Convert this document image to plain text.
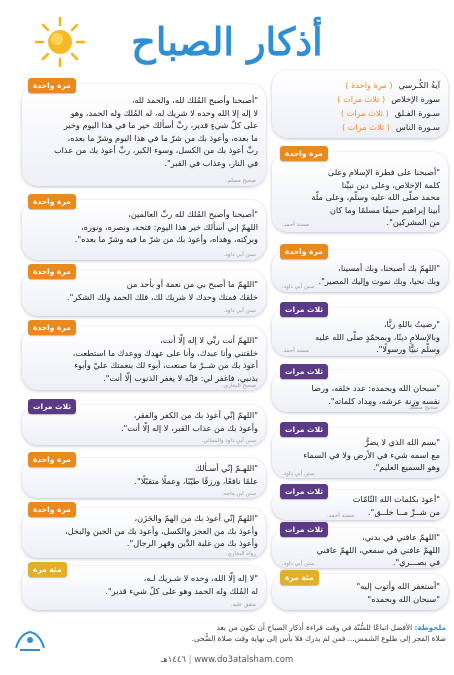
أذكار الصباح
آيةُ الكُـرسي
( مرة واحدة )
سورة الإخلاص
( ثلاث مرات )
سـورة الفـلق
( ثلاث مرات )
سـورة الناس
( ثلاث مرات )
مرة واحدة
"أصبحنا على فطرة الإسلام وعلى
كلمة الإخلاص، وعلى دين نبيِّنا
محمد صلّى الله عليه وسلّم، وعلى ملّة
أبينا إبراهيم حنيفًا مسلمًا وما كان
من المشركين".
مسند أحمد.
مرة واحدة
"اللهمّ بك أصبحنا، وبك أمسينا،
وبك نحيا، وبك نموت وإليك المصير".
سنن أبي داود.
ثلاث مرات
"رضيتُ باللهِ ربًّا،
وبالإسلامِ دينًا، وبمحمّدٍ صلّى الله عليه
وسلّم نبيًّا ورسولًا".
مسند أحمد.
ثلاث مرات
"سبحان الله وبحمده: عدد خلقه، ورضا
نفسه وزِنة عرشه، ومِداد كلماته".
صحيح مسلم.
ثلاث مرات
"بسم الله الذي لا يضرُّ
مع اسمه شيء في الأرض ولا في السماء
وهو السميع العليم".
سنن أبي داود.
ثلاث مرات
"أعوذ بكلمات الله التّامّات
من شــرِّ مــا خلــق".
مسند أحمد.
ثلاث مرات
"اللهمّ عافني في بدني،
اللهمّ عافني في سمعي، اللهمّ عافني
في بصـــري".
سنن أبي داود.
مئة مرة
"أستغفر الله وأتوب إليه"
"سبحان الله وبحمده"
مرة واحدة
"أصبحنا وأصبح المُلك لله، والحمد لله،
لا إله إلا الله وحده لا شريك له، له المُلك وله الحمد، وهو
على كلّ شيءٍ قدير، ربِّ أسألك خير ما في هذا اليوم وخير
ما بعده، وأعوذ بك من شرّ ما في هذا اليوم وشرّ ما بعده،
ربِّ أعوذ بك من الكسل، وسوء الكبر، ربِّ أعوذ بك من عذاب
في النار، وعذاب في القبر".
صحيح مسلم.
مرة واحدة
"أصبحنا وأصبح المُلك لله ربِّ العالمين،
اللهمّ إني أسألك خير هذا اليوم: فتحه، ونصره، ونوره،
وبركته، وهداه، وأعوذ بك من شرّ ما فيه وشرّ ما بعده".
سنن أبي داود.
مرة واحدة
"اللهمّ ما أصبح بي من نعمة أو بأحد من
خلقك فمنك وحدك لا شريك لك، فلك الحمد ولك الشكر".
سنن أبي داود.
مرة واحدة
"اللهمّ أنت ربِّي لا إله إلّا أنت،
خلقتني وأنا عبدك، وأنا على عهدك ووعدك ما استطعت،
أعوذ بك من شــرّ ما صنعت، أبوء لك بنعمتك عليّ وأبوء
بذنبي، فاغفر لي: فإنّه لا يغفر الذنوب إلّا أنت".
صحيح البخاري.
ثلاث مرات
"اللهمّ إنّي أعوذ بك من الكفر والفقر،
وأعوذ بك من عذاب القبر، لا إله إلّا أنت".
سنن أبي داود والنسائي.
مرة واحدة
"اللهـمّ إنّي أسـألك
علمًا نافعًا، ورزقًا طيّبًا، وعملًا متقبّلًا".
سنن ابن ماجه.
مرة واحدة
"اللهمّ إنّي أعوذ بك من الهمّ والحَزَن،
وأعوذ بك من العجز والكسل، وأعوذ بك من الجبن والبخل،
وأعوذ بك من غلبة الدَّين وقهر الرجال".
رواه البخاري.
مئة مرة
"لا إله إلّا الله، وحده لا شـريك لـه،
له المُلك وله الحمد وهو على كلّ شيء قدير".
متفق عليه.
ملحوظة: الأفضل اتباعًا للسُّنّة في وقت قراءة أذكار الصباح أن تكون من بعد
صلاة الفجر إلى طلوع الشمس... فمن لم يدرك فلا بأس إلى نهاية وقت صلاة الضُّحى.
www.do3atalsham.com | ١٤٤٦هـ
